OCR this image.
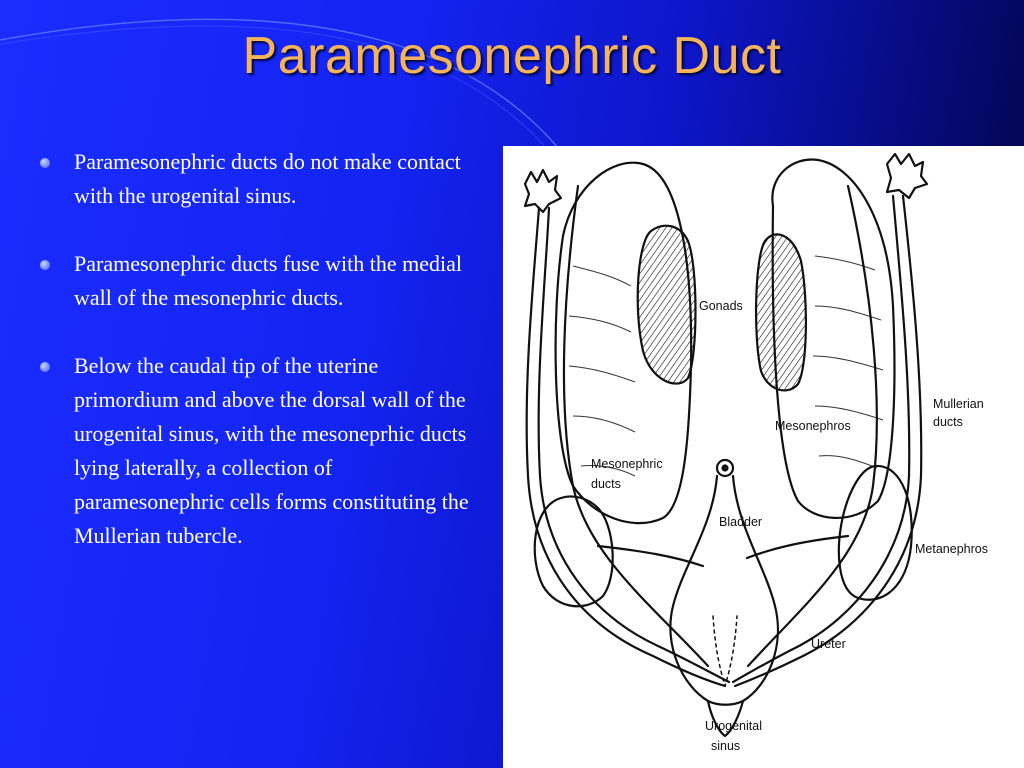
Paramesonephric Duct
Paramesonephric ducts do not make contact with the urogenital sinus.
Paramesonephric ducts fuse with the medial wall of the mesonephric ducts.
Below the caudal tip of the uterine primordium and above the dorsal wall of the urogenital sinus, with the mesoneprhic ducts lying laterally, a collection of paramesonephric cells forms constituting the Mullerian tubercle.
Gonads
Mullerian
ducts
Mesonephros
Mesonephric
ducts
Bladder
Metanephros
Ureter
Urogenital
sinus
